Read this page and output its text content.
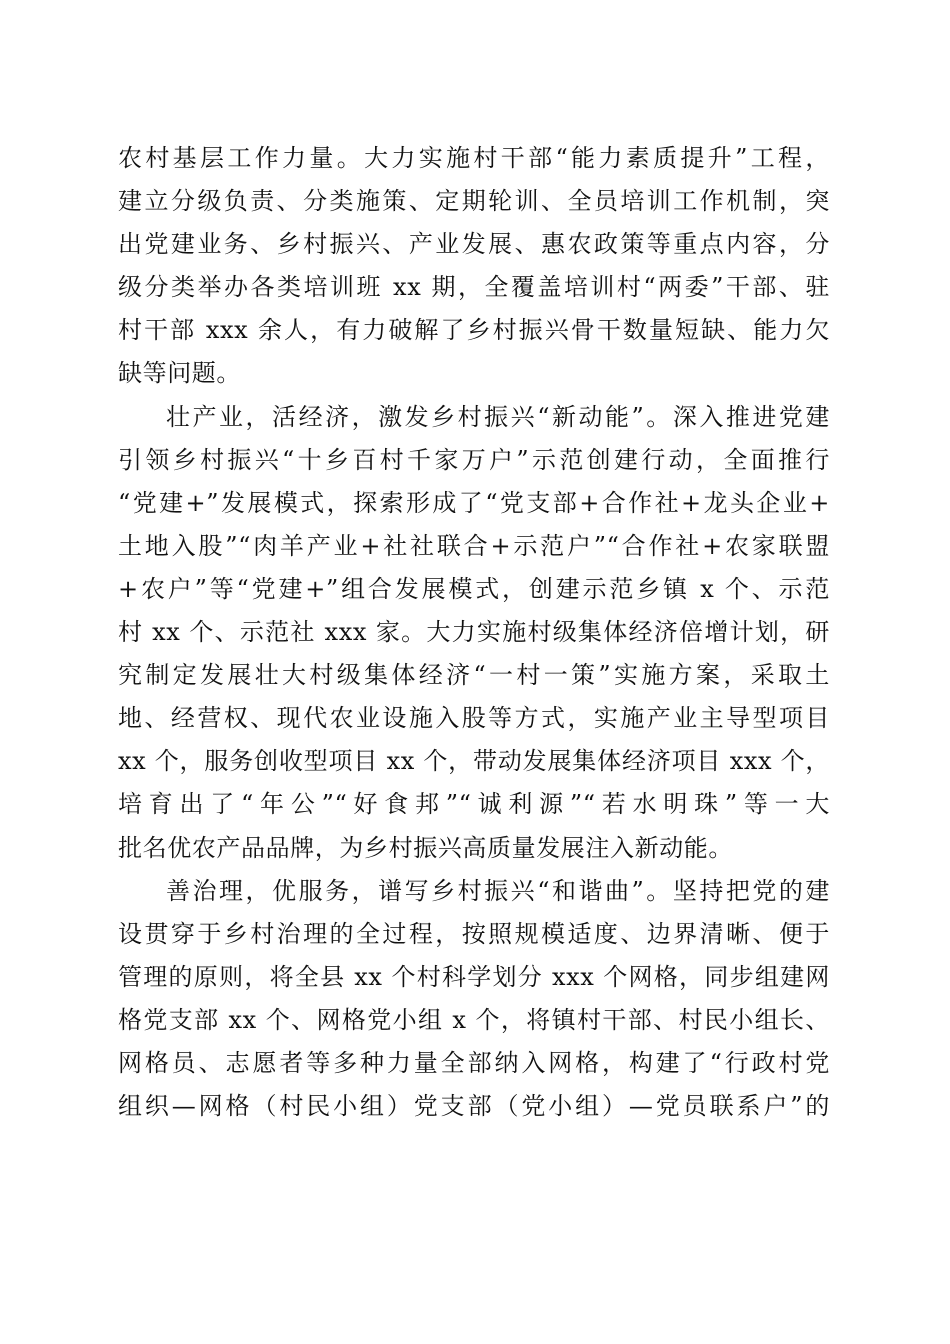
农村基层工作力量。大力实施村干部“能力素质提升”工程，
建立分级负责、分类施策、定期轮训、全员培训工作机制，突
出党建业务、乡村振兴、产业发展、惠农政策等重点内容，分
级分类举办各类培训班 xx 期，全覆盖培训村“两委”干部、驻
村干部 xxx 余人，有力破解了乡村振兴骨干数量短缺、能力欠
缺等问题。
壮产业，活经济，激发乡村振兴“新动能”。深入推进党建
引领乡村振兴“十乡百村千家万户”示范创建行动，全面推行
“党建+”发展模式，探索形成了“党支部+合作社+龙头企业+
土地入股”“肉羊产业+社社联合+示范户”“合作社+农家联盟
+农户”等“党建+”组合发展模式，创建示范乡镇 x 个、示范
村 xx 个、示范社 xxx 家。大力实施村级集体经济倍增计划，研
究制定发展壮大村级集体经济“一村一策”实施方案，采取土
地、经营权、现代农业设施入股等方式，实施产业主导型项目
xx 个，服务创收型项目 xx 个，带动发展集体经济项目 xxx 个，
培育出了“年公”“好食邦”“诚利源”“若水明珠”等一大
批名优农产品品牌，为乡村振兴高质量发展注入新动能。
善治理，优服务，谱写乡村振兴“和谐曲”。坚持把党的建
设贯穿于乡村治理的全过程，按照规模适度、边界清晰、便于
管理的原则，将全县 xx 个村科学划分 xxx 个网格，同步组建网
格党支部 xx 个、网格党小组 x 个，将镇村干部、村民小组长、
网格员、志愿者等多种力量全部纳入网格，构建了“行政村党
组织—网格（村民小组）党支部（党小组）—党员联系户”的
